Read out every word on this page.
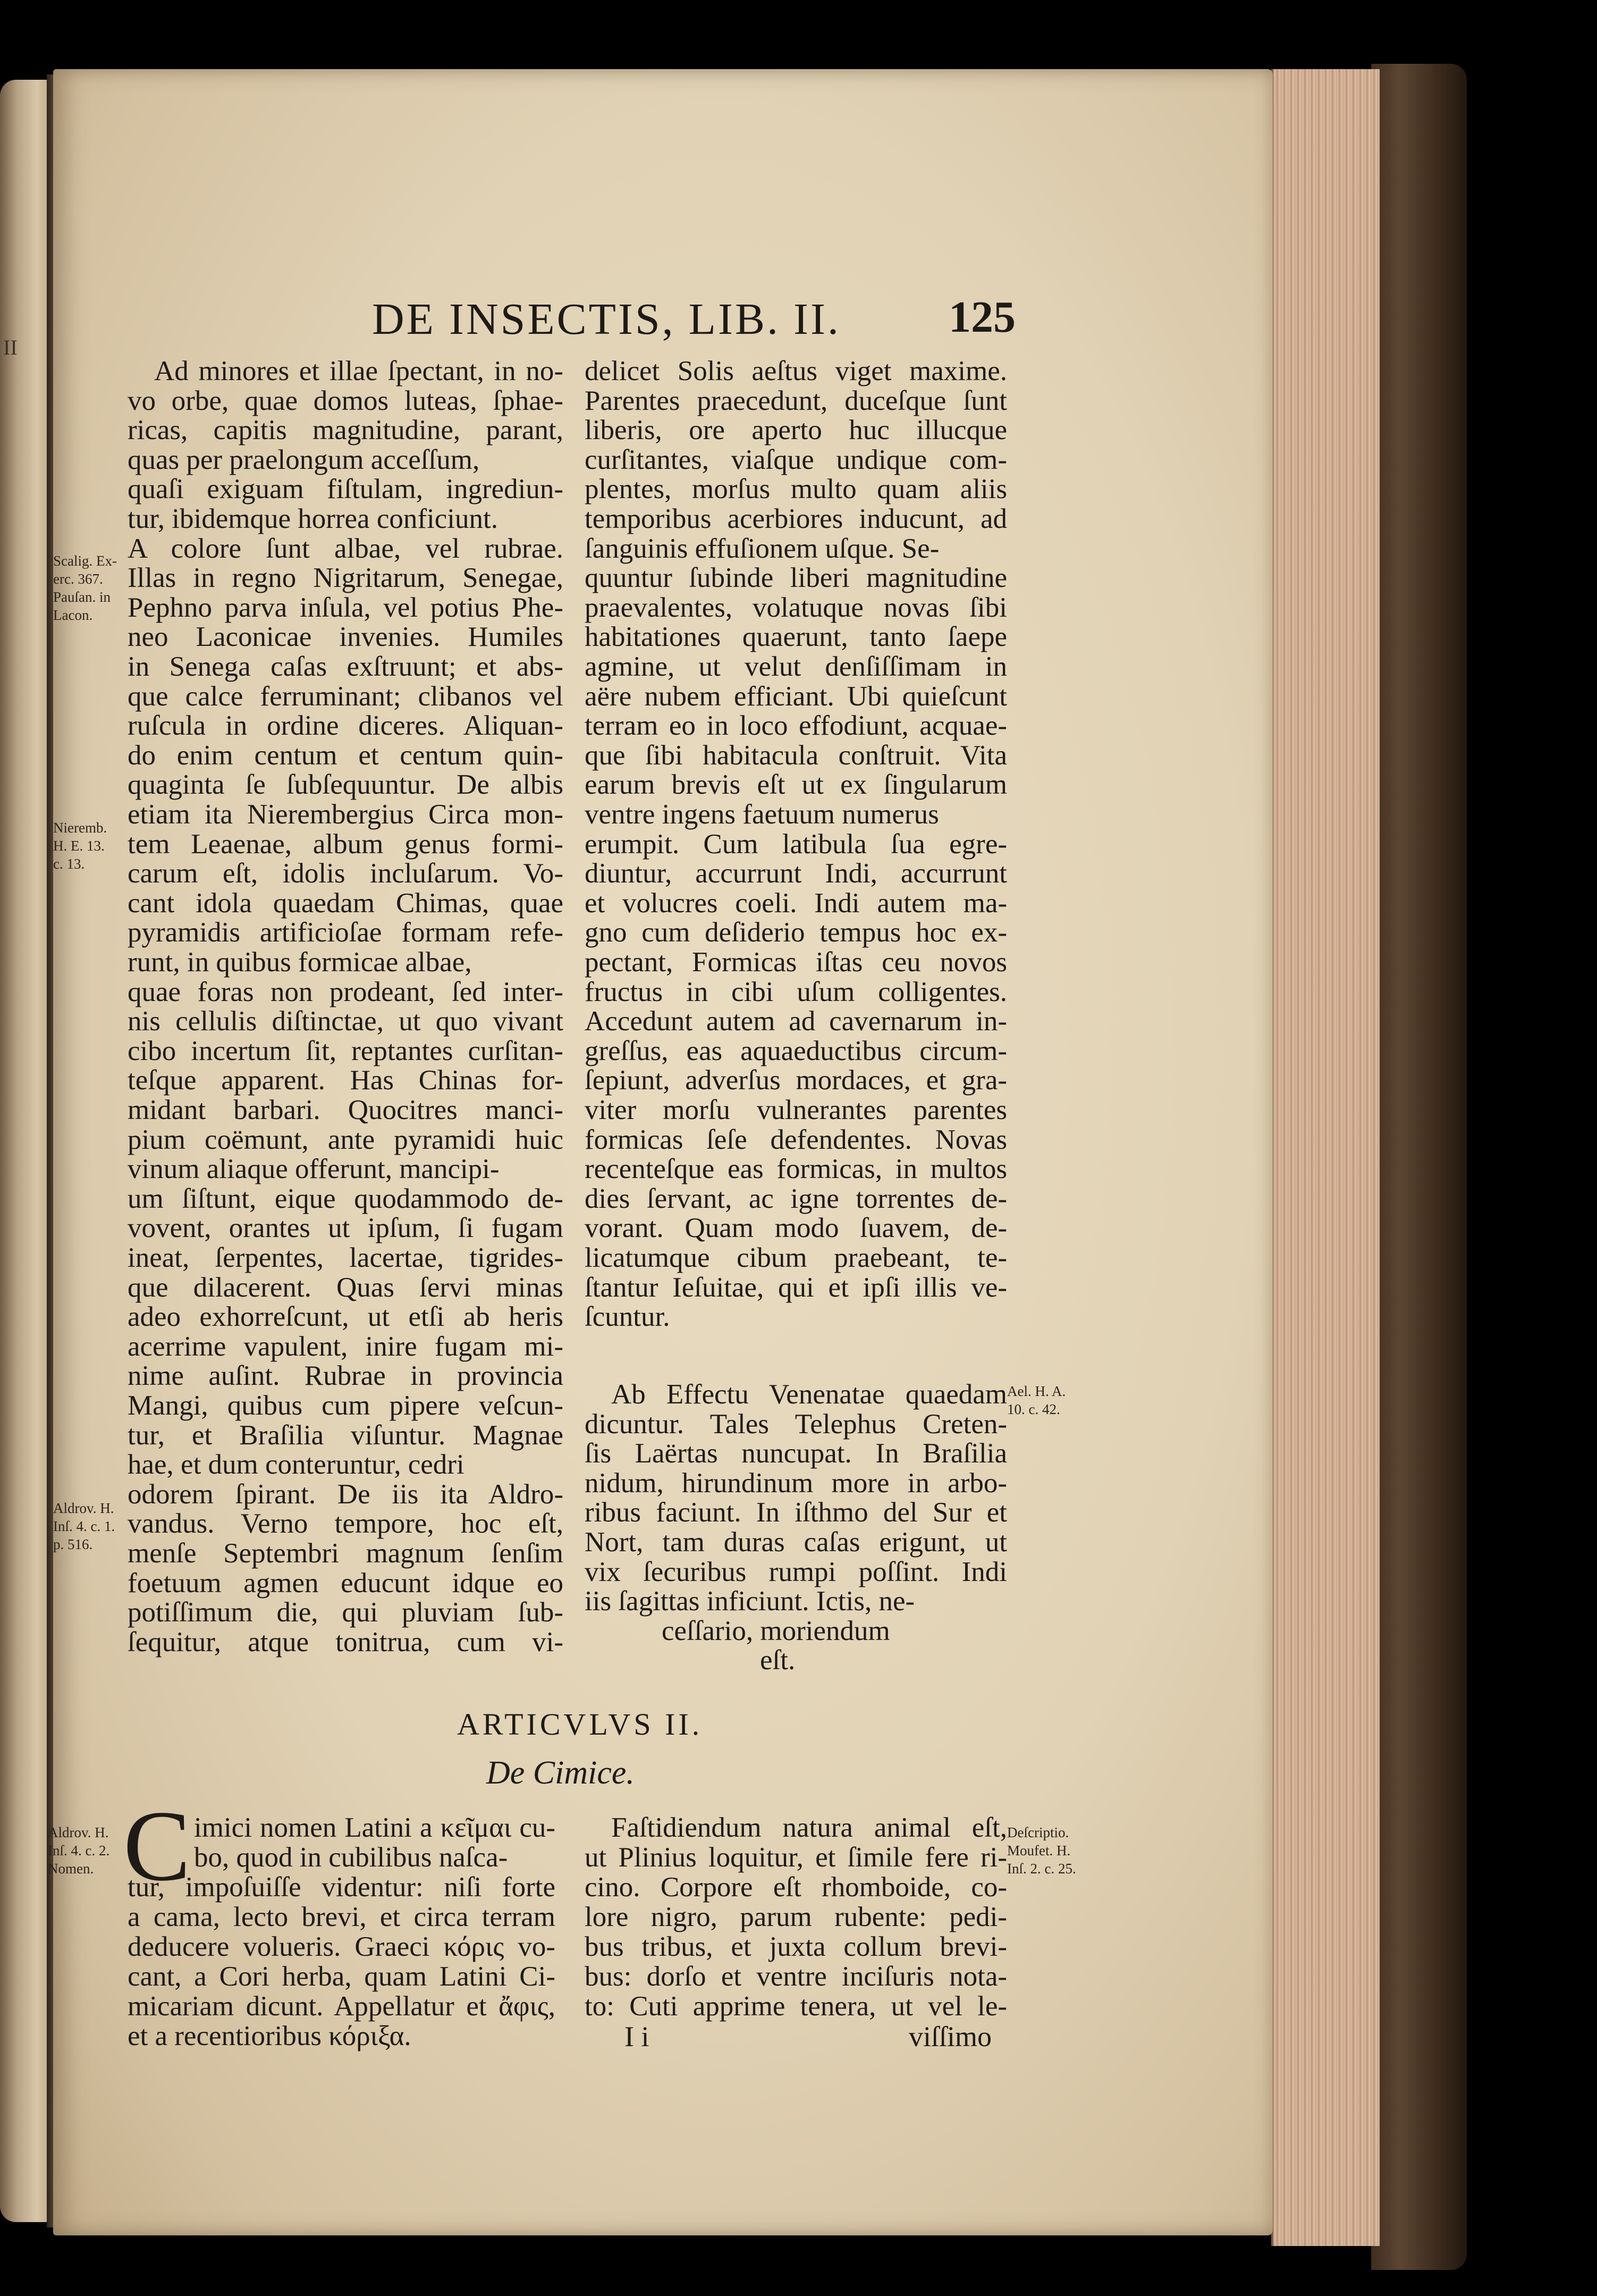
II
DE INSECTIS, LIB. II. 125
Ad minores et illae ſpectant, in no-
vo orbe, quae domos luteas, ſphae-
ricas, capitis magnitudine, parant,
quas per praelongum acceſſum,
quaſi exiguam fiſtulam, ingrediun-
tur, ibidemque horrea conficiunt.
A colore ſunt albae, vel rubrae.
Illas in regno Nigritarum, Senegae,
Pephno parva inſula, vel potius Phe-
neo Laconicae invenies. Humiles
in Senega caſas exſtruunt; et abs-
que calce ferruminant; clibanos vel
ruſcula in ordine diceres. Aliquan-
do enim centum et centum quin-
quaginta ſe ſubſequuntur. De albis
etiam ita Nierembergius Circa mon-
tem Leaenae, album genus formi-
carum eſt, idolis incluſarum. Vo-
cant idola quaedam Chimas, quae
pyramidis artificioſae formam refe-
runt, in quibus formicae albae,
quae foras non prodeant, ſed inter-
nis cellulis diſtinctae, ut quo vivant
cibo incertum ſit, reptantes curſitan-
teſque apparent. Has Chinas for-
midant barbari. Quocitres manci-
pium coëmunt, ante pyramidi huic
vinum aliaque offerunt, mancipi-
um ſiſtunt, eique quodammodo de-
vovent, orantes ut ipſum, ſi fugam
ineat, ſerpentes, lacertae, tigrides-
que dilacerent. Quas ſervi minas
adeo exhorreſcunt, ut etſi ab heris
acerrime vapulent, inire fugam mi-
nime auſint. Rubrae in provincia
Mangi, quibus cum pipere veſcun-
tur, et Braſilia viſuntur. Magnae
hae, et dum conteruntur, cedri
odorem ſpirant. De iis ita Aldro-
vandus. Verno tempore, hoc eſt,
menſe Septembri magnum ſenſim
foetuum agmen educunt idque eo
potiſſimum die, qui pluviam ſub-
ſequitur, atque tonitrua, cum vi-
delicet Solis aeſtus viget maxime.
Parentes praecedunt, duceſque ſunt
liberis, ore aperto huc illucque
curſitantes, viaſque undique com-
plentes, morſus multo quam aliis
temporibus acerbiores inducunt, ad
ſanguinis effuſionem uſque. Se-
quuntur ſubinde liberi magnitudine
praevalentes, volatuque novas ſibi
habitationes quaerunt, tanto ſaepe
agmine, ut velut denſiſſimam in
aëre nubem efficiant. Ubi quieſcunt
terram eo in loco effodiunt, acquae-
que ſibi habitacula conſtruit. Vita
earum brevis eſt ut ex ſingularum
ventre ingens faetuum numerus
erumpit. Cum latibula ſua egre-
diuntur, accurrunt Indi, accurrunt
et volucres coeli. Indi autem ma-
gno cum deſiderio tempus hoc ex-
pectant, Formicas iſtas ceu novos
fructus in cibi uſum colligentes.
Accedunt autem ad cavernarum in-
greſſus, eas aquaeductibus circum-
ſepiunt, adverſus mordaces, et gra-
viter morſu vulnerantes parentes
formicas ſeſe defendentes. Novas
recenteſque eas formicas, in multos
dies ſervant, ac igne torrentes de-
vorant. Quam modo ſuavem, de-
licatumque cibum praebeant, te-
ſtantur Ieſuitae, qui et ipſi illis ve-
ſcuntur.
Ab Effectu Venenatae quaedam
dicuntur. Tales Telephus Creten-
ſis Laërtas nuncupat. In Braſilia
nidum, hirundinum more in arbo-
ribus faciunt. In iſthmo del Sur et
Nort, tam duras caſas erigunt, ut
vix ſecuribus rumpi poſſint. Indi
iis ſagittas inficiunt. Ictis, ne-
ceſſario, moriendum
eſt.
Scalig. Ex-
erc. 367.
Pauſan. in
Lacon.
Nieremb.
H. E. 13.
c. 13.
Aldrov. H.
Inſ. 4. c. 1.
p. 516.
Ael. H. A.
10. c. 42.
Aldrov. H.
Inſ. 4. c. 2.
Nomen.
Deſcriptio.
Moufet. H.
Inſ. 2. c. 25.
ARTICVLVS II.
De Cimice.
C imici nomen Latini a κεῖμαι cu-
bo, quod in cubilibus naſca-
tur, impoſuiſſe videntur: niſi forte
a cama, lecto brevi, et circa terram
deducere volueris. Graeci κόρις vo-
cant, a Cori herba, quam Latini Ci-
micariam dicunt. Appellatur et ἄφις,
et a recentioribus κόριξα.
Faſtidiendum natura animal eſt,
ut Plinius loquitur, et ſimile fere ri-
cino. Corpore eſt rhomboide, co-
lore nigro, parum rubente: pedi-
bus tribus, et juxta collum brevi-
bus: dorſo et ventre inciſuris nota-
to: Cuti apprime tenera, ut vel le-
I i	viſſimo
